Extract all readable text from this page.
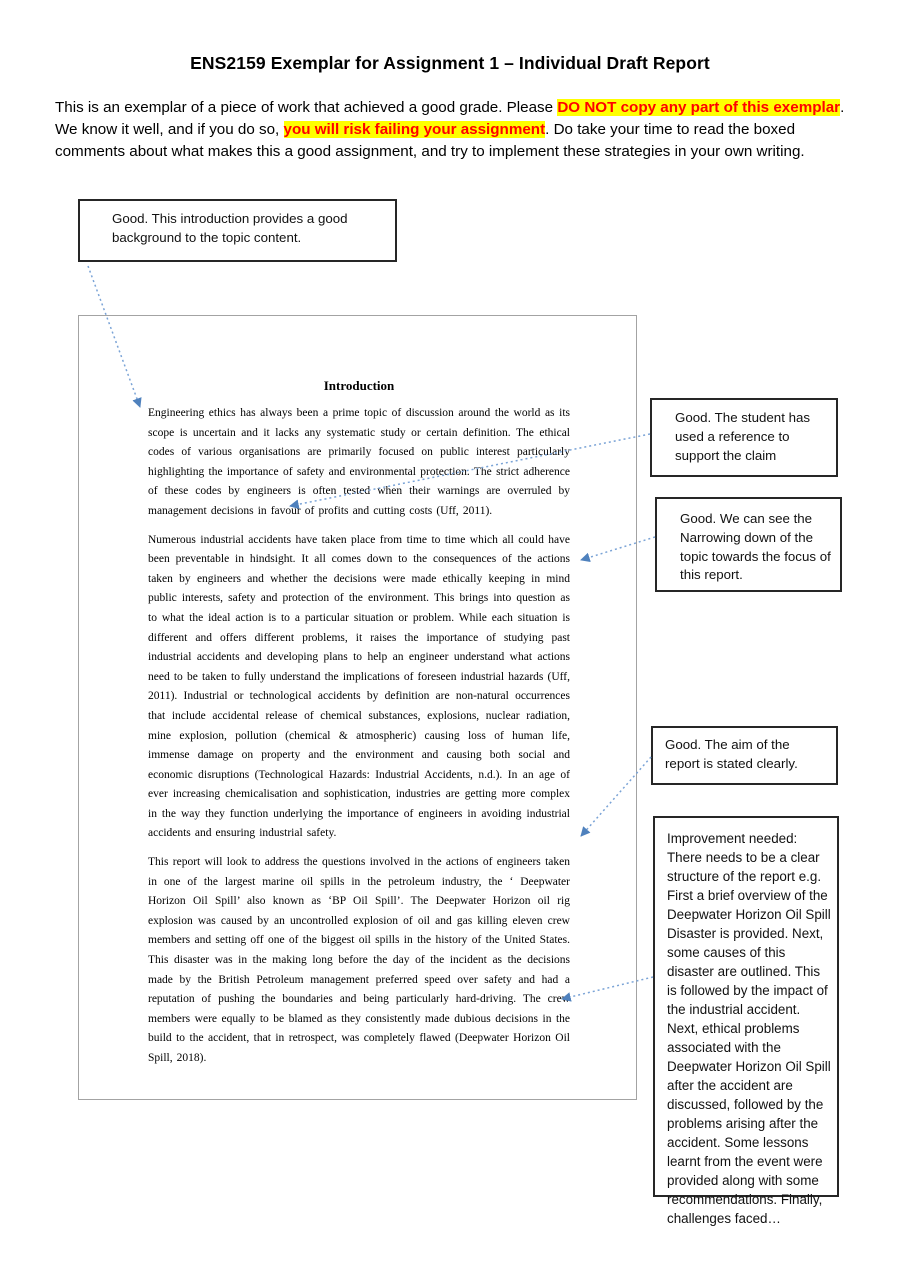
ENS2159 Exemplar for Assignment 1 – Individual Draft Report
This is an exemplar of a piece of work that achieved a good grade. Please DO NOT copy any part of this exemplar. We know it well, and if you do so, you will risk failing your assignment. Do take your time to read the boxed comments about what makes this a good assignment, and try to implement these strategies in your own writing.
Good. This introduction provides a good background to the topic content.
Good. The student has used a reference to support the claim
Good. We can see the Narrowing down of the topic towards the focus of this report.
Good. The aim of the report is stated clearly.
Improvement needed: There needs to be a clear structure of the report e.g. First a brief overview of the Deepwater Horizon Oil Spill Disaster is provided. Next, some causes of this disaster are outlined. This is followed by the impact of the industrial accident. Next, ethical problems associated with the Deepwater Horizon Oil Spill after the accident are discussed, followed by the problems arising after the accident. Some lessons learnt from the event were provided along with some recommendations. Finally, challenges faced…
Introduction

Engineering ethics has always been a prime topic of discussion around the world as its scope is uncertain and it lacks any systematic study or certain definition. The ethical codes of various organisations are primarily focused on public interest particularly highlighting the importance of safety and environmental protection. The strict adherence of these codes by engineers is often tested when their warnings are overruled by management decisions in favour of profits and cutting costs (Uff, 2011).

Numerous industrial accidents have taken place from time to time which all could have been preventable in hindsight. It all comes down to the consequences of the actions taken by engineers and whether the decisions were made ethically keeping in mind public interests, safety and protection of the environment. This brings into question as to what the ideal action is to a particular situation or problem. While each situation is different and offers different problems, it raises the importance of studying past industrial accidents and developing plans to help an engineer understand what actions need to be taken to fully understand the implications of foreseen industrial hazards (Uff, 2011). Industrial or technological accidents by definition are non-natural occurrences that include accidental release of chemical substances, explosions, nuclear radiation, mine explosion, pollution (chemical & atmospheric) causing loss of human life, immense damage on property and the environment and causing both social and economic disruptions (Technological Hazards: Industrial Accidents, n.d.). In an age of ever increasing chemicalisation and sophistication, industries are getting more complex in the way they function underlying the importance of engineers in avoiding industrial accidents and ensuring industrial safety.

This report will look to address the questions involved in the actions of engineers taken in one of the largest marine oil spills in the petroleum industry, the ‘ Deepwater Horizon Oil Spill’ also known as ‘BP Oil Spill’. The Deepwater Horizon oil rig explosion was caused by an uncontrolled explosion of oil and gas killing eleven crew members and setting off one of the biggest oil spills in the history of the United States. This disaster was in the making long before the day of the incident as the decisions made by the British Petroleum management preferred speed over safety and had a reputation of pushing the boundaries and being particularly hard-driving. The crew members were equally to be blamed as they consistently made dubious decisions in the build to the accident, that in retrospect, was completely flawed (Deepwater Horizon Oil Spill, 2018).
